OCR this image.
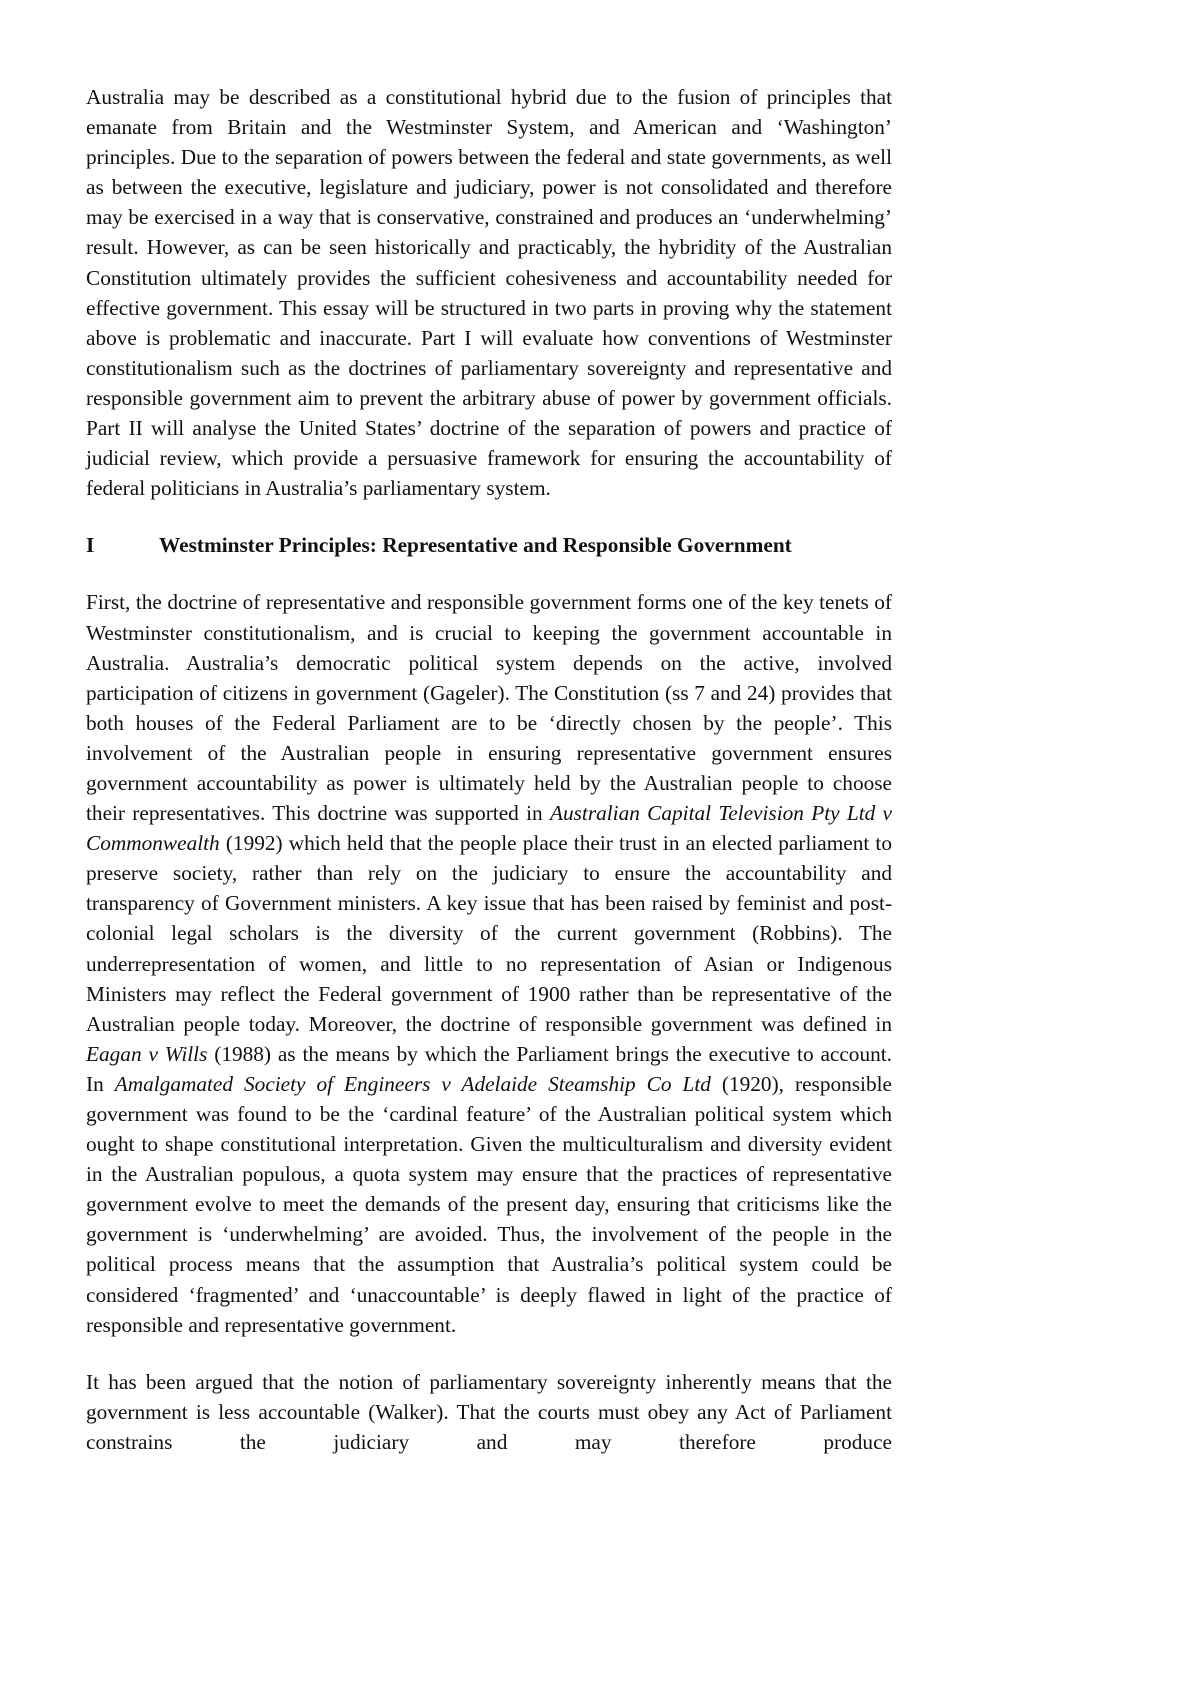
Australia may be described as a constitutional hybrid due to the fusion of principles that emanate from Britain and the Westminster System, and American and ‘Washington’ principles. Due to the separation of powers between the federal and state governments, as well as between the executive, legislature and judiciary, power is not consolidated and therefore may be exercised in a way that is conservative, constrained and produces an ‘underwhelming’ result. However, as can be seen historically and practicably, the hybridity of the Australian Constitution ultimately provides the sufficient cohesiveness and accountability needed for effective government. This essay will be structured in two parts in proving why the statement above is problematic and inaccurate. Part I will evaluate how conventions of Westminster constitutionalism such as the doctrines of parliamentary sovereignty and representative and responsible government aim to prevent the arbitrary abuse of power by government officials. Part II will analyse the United States’ doctrine of the separation of powers and practice of judicial review, which provide a persuasive framework for ensuring the accountability of federal politicians in Australia’s parliamentary system.

I	Westminster Principles: Representative and Responsible Government

First, the doctrine of representative and responsible government forms one of the key tenets of Westminster constitutionalism, and is crucial to keeping the government accountable in Australia. Australia’s democratic political system depends on the active, involved participation of citizens in government (Gageler). The Constitution (ss 7 and 24) provides that both houses of the Federal Parliament are to be ‘directly chosen by the people’. This involvement of the Australian people in ensuring representative government ensures government accountability as power is ultimately held by the Australian people to choose their representatives. This doctrine was supported in Australian Capital Television Pty Ltd v Commonwealth (1992) which held that the people place their trust in an elected parliament to preserve society, rather than rely on the judiciary to ensure the accountability and transparency of Government ministers. A key issue that has been raised by feminist and post-colonial legal scholars is the diversity of the current government (Robbins). The underrepresentation of women, and little to no representation of Asian or Indigenous Ministers may reflect the Federal government of 1900 rather than be representative of the Australian people today. Moreover, the doctrine of responsible government was defined in Eagan v Wills (1988) as the means by which the Parliament brings the executive to account. In Amalgamated Society of Engineers v Adelaide Steamship Co Ltd (1920), responsible government was found to be the ‘cardinal feature’ of the Australian political system which ought to shape constitutional interpretation. Given the multiculturalism and diversity evident in the Australian populous, a quota system may ensure that the practices of representative government evolve to meet the demands of the present day, ensuring that criticisms like the government is ‘underwhelming’ are avoided. Thus, the involvement of the people in the political process means that the assumption that Australia’s political system could be considered ‘fragmented’ and ‘unaccountable’ is deeply flawed in light of the practice of responsible and representative government.

It has been argued that the notion of parliamentary sovereignty inherently means that the government is less accountable (Walker). That the courts must obey any Act of Parliament constrains the judiciary and may therefore produce
